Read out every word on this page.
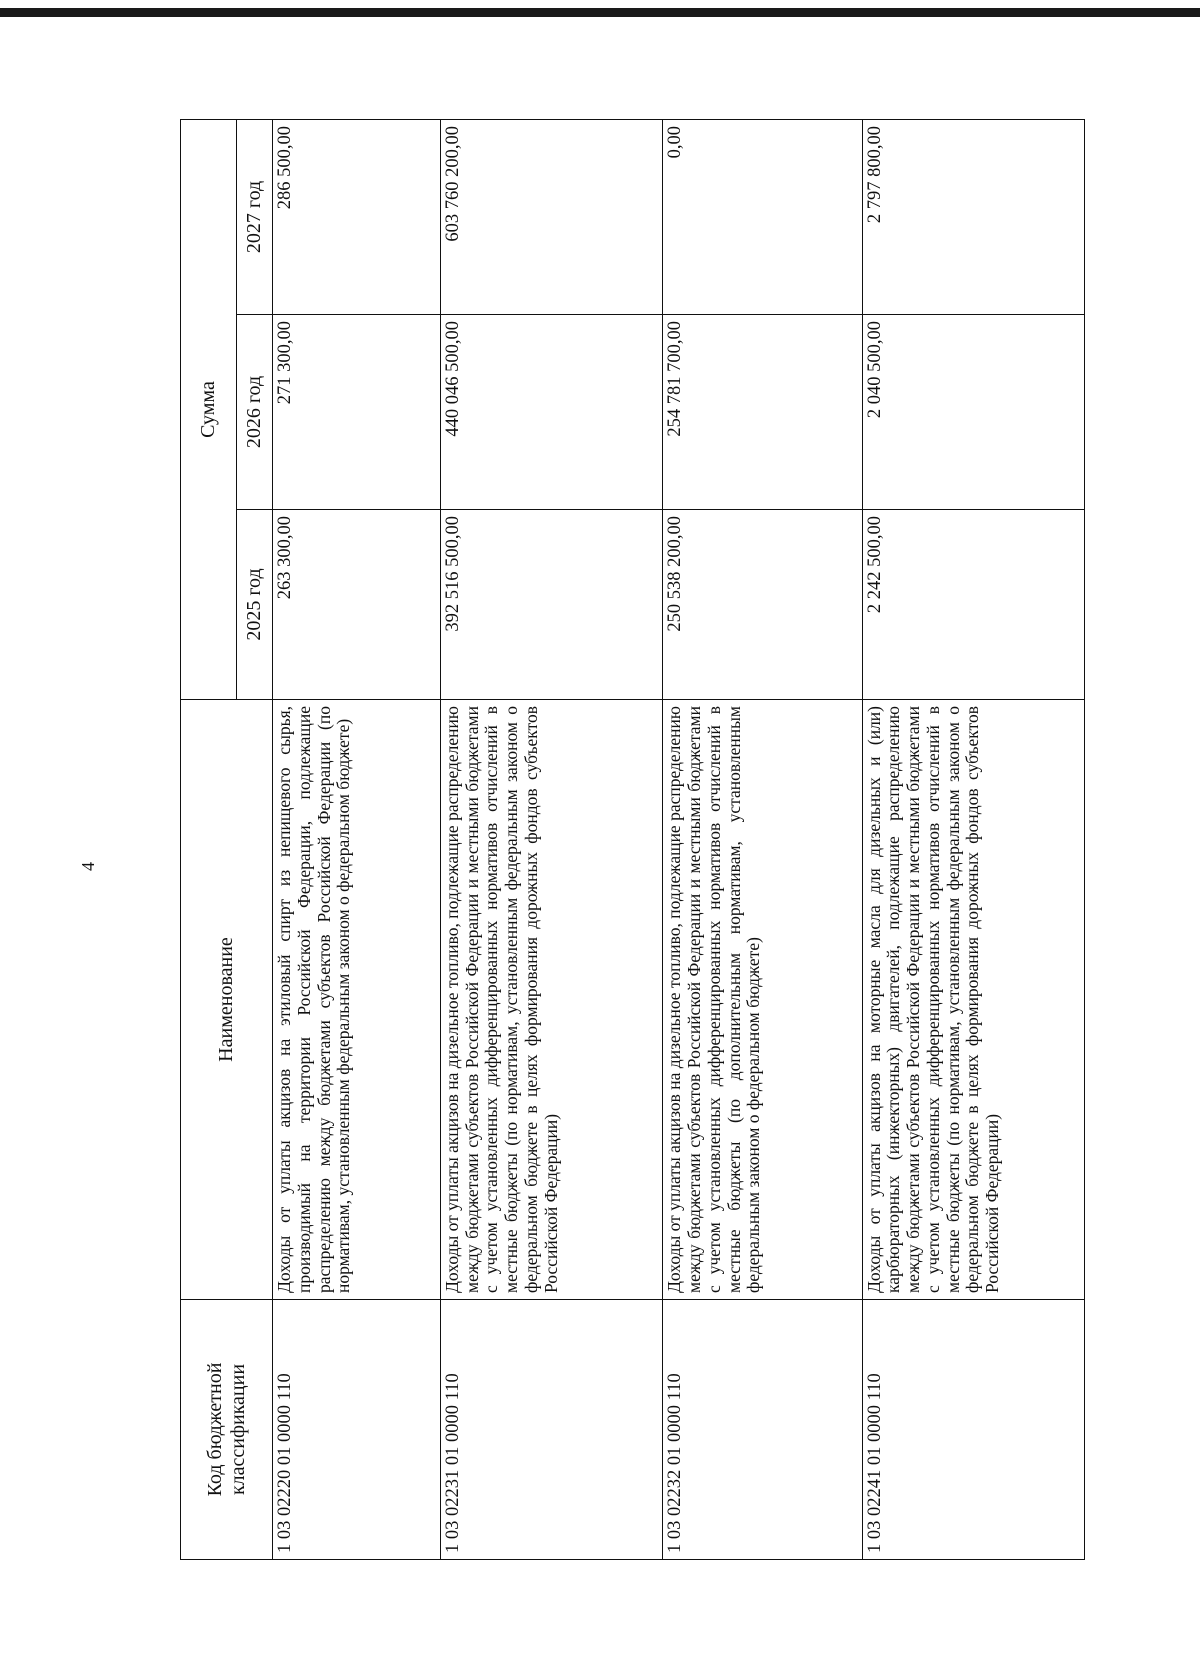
4
Код бюджетной классификации	Наименование	Сумма		
		2025 год	2026 год	2027 год
1 03 02220 01 0000 110	Доходы от уплаты акцизов на этиловый спирт из непищевого сырья, производимый на территории Российской Федерации, подлежащие распределению между бюджетами субъектов Российской Федерации (по нормативам, установленным федеральным законом о федеральном бюджете)	263 300,00	271 300,00	286 500,00
1 03 02231 01 0000 110	Доходы от уплаты акцизов на дизельное топливо, подлежащие распределению между бюджетами субъектов Российской Федерации и местными бюджетами с учетом установленных дифференцированных нормативов отчислений в местные бюджеты (по нормативам, установленным федеральным законом о федеральном бюджете в целях формирования дорожных фондов субъектов Российской Федерации)	392 516 500,00	440 046 500,00	603 760 200,00
1 03 02232 01 0000 110	Доходы от уплаты акцизов на дизельное топливо, подлежащие распределению между бюджетами субъектов Российской Федерации и местными бюджетами с учетом установленных дифференцированных нормативов отчислений в местные бюджеты (по дополнительным нормативам, установленным федеральным законом о федеральном бюджете)	250 538 200,00	254 781 700,00	0,00
1 03 02241 01 0000 110	Доходы от уплаты акцизов на моторные масла для дизельных и (или) карбюраторных (инжекторных) двигателей, подлежащие распределению между бюджетами субъектов Российской Федерации и местными бюджетами с учетом установленных дифференцированных нормативов отчислений в местные бюджеты (по нормативам, установленным федеральным законом о федеральном бюджете в целях формирования дорожных фондов субъектов Российской Федерации)	2 242 500,00	2 040 500,00	2 797 800,00
